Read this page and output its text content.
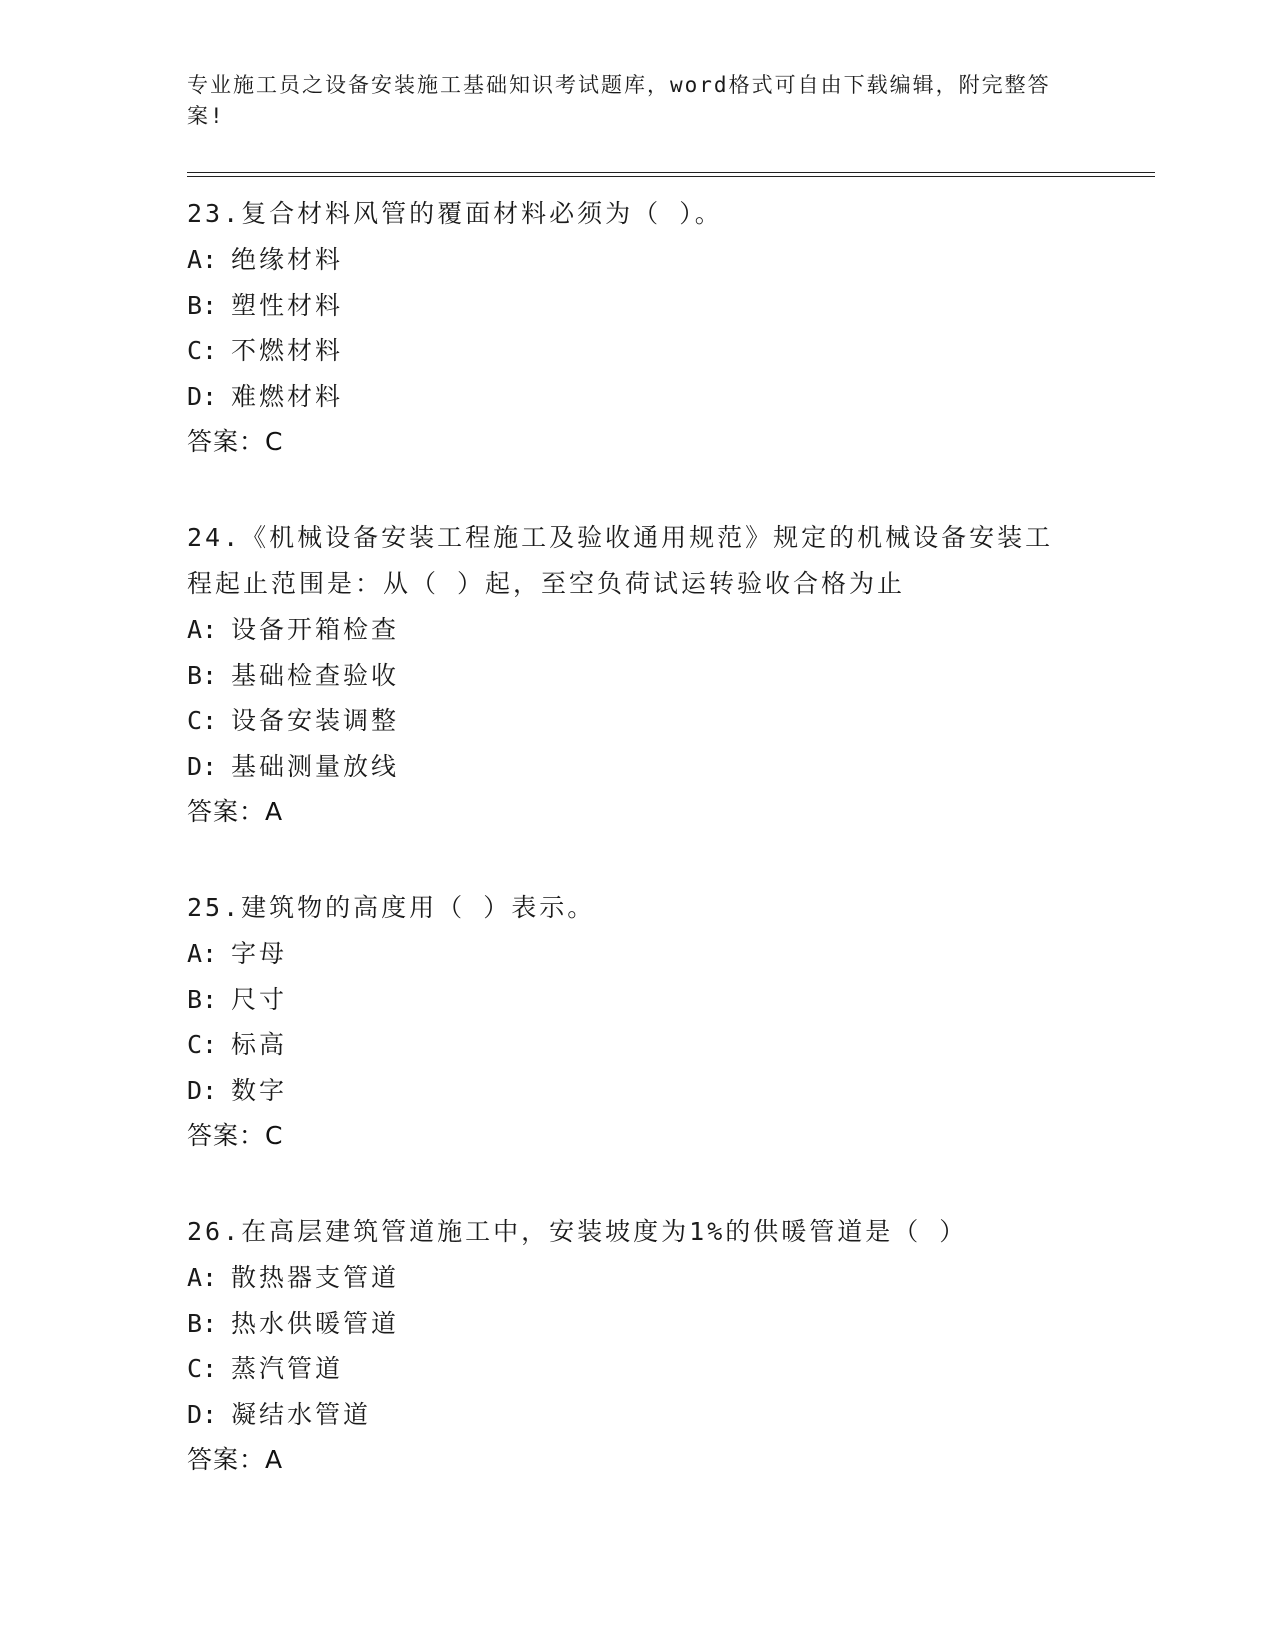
专业施工员之设备安装施工基础知识考试题库，word格式可自由下载编辑，附完整答案!

23.复合材料风管的覆面材料必须为（ ）。

A: 绝缘材料

B: 塑性材料

C: 不燃材料

D: 难燃材料

答案：C

24.《机械设备安装工程施工及验收通用规范》规定的机械设备安装工程起止范围是：从（ ）起，至空负荷试运转验收合格为止

A: 设备开箱检查

B: 基础检查验收

C: 设备安装调整

D: 基础测量放线

答案：A

25.建筑物的高度用（ ）表示。

A: 字母

B: 尺寸

C: 标高

D: 数字

答案：C

26.在高层建筑管道施工中，安装坡度为1%的供暖管道是（ ）

A: 散热器支管道

B: 热水供暖管道

C: 蒸汽管道

D: 凝结水管道

答案：A
